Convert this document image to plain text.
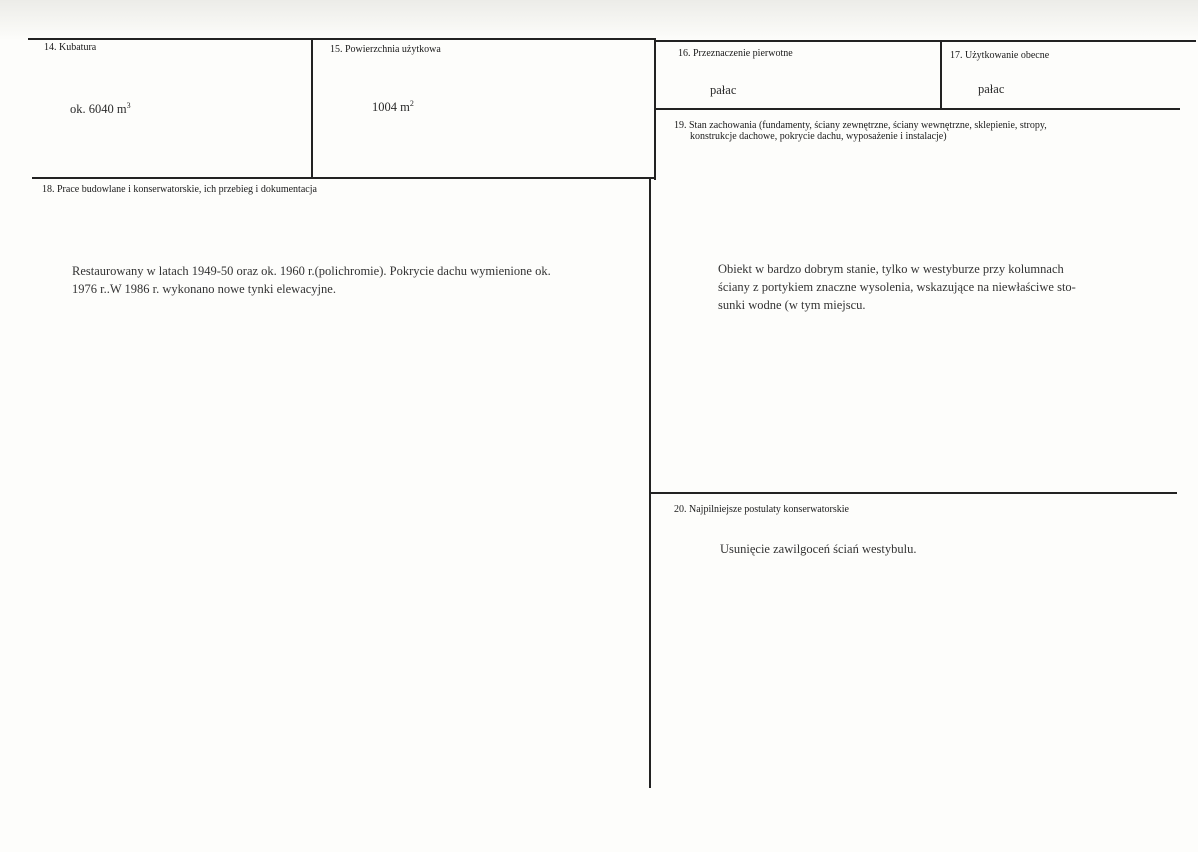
14. Kubatura
ok. 6040 $m^3$
15. Powierzchnia użytkowa
1004 $m^2$
16. Przeznaczenie pierwotne
pałac
17. Użytkowanie obecne
pałac
18. Prace budowlane i konserwatorskie, ich przebieg i dokumentacja
Restaurowany w latach 1949-50 oraz ok. 1960 r.(polichromie). Pokrycie dachu wymienione ok.
1976 r..W 1986 r. wykonano nowe tynki elewacyjne.
19. Stan zachowania (fundamenty, ściany zewnętrzne, ściany wewnętrzne, sklepienie, stropy,
konstrukcje dachowe, pokrycie dachu, wyposażenie i instalacje)
Obiekt w bardzo dobrym stanie, tylko w westyburze przy kolumnach
ściany z portykiem znaczne wysolenia, wskazujące na niewłaściwe sto-
sunki wodne (w tym miejscu.
20. Najpilniejsze postulaty konserwatorskie
Usunięcie zawilgoceń ściań westybulu.
